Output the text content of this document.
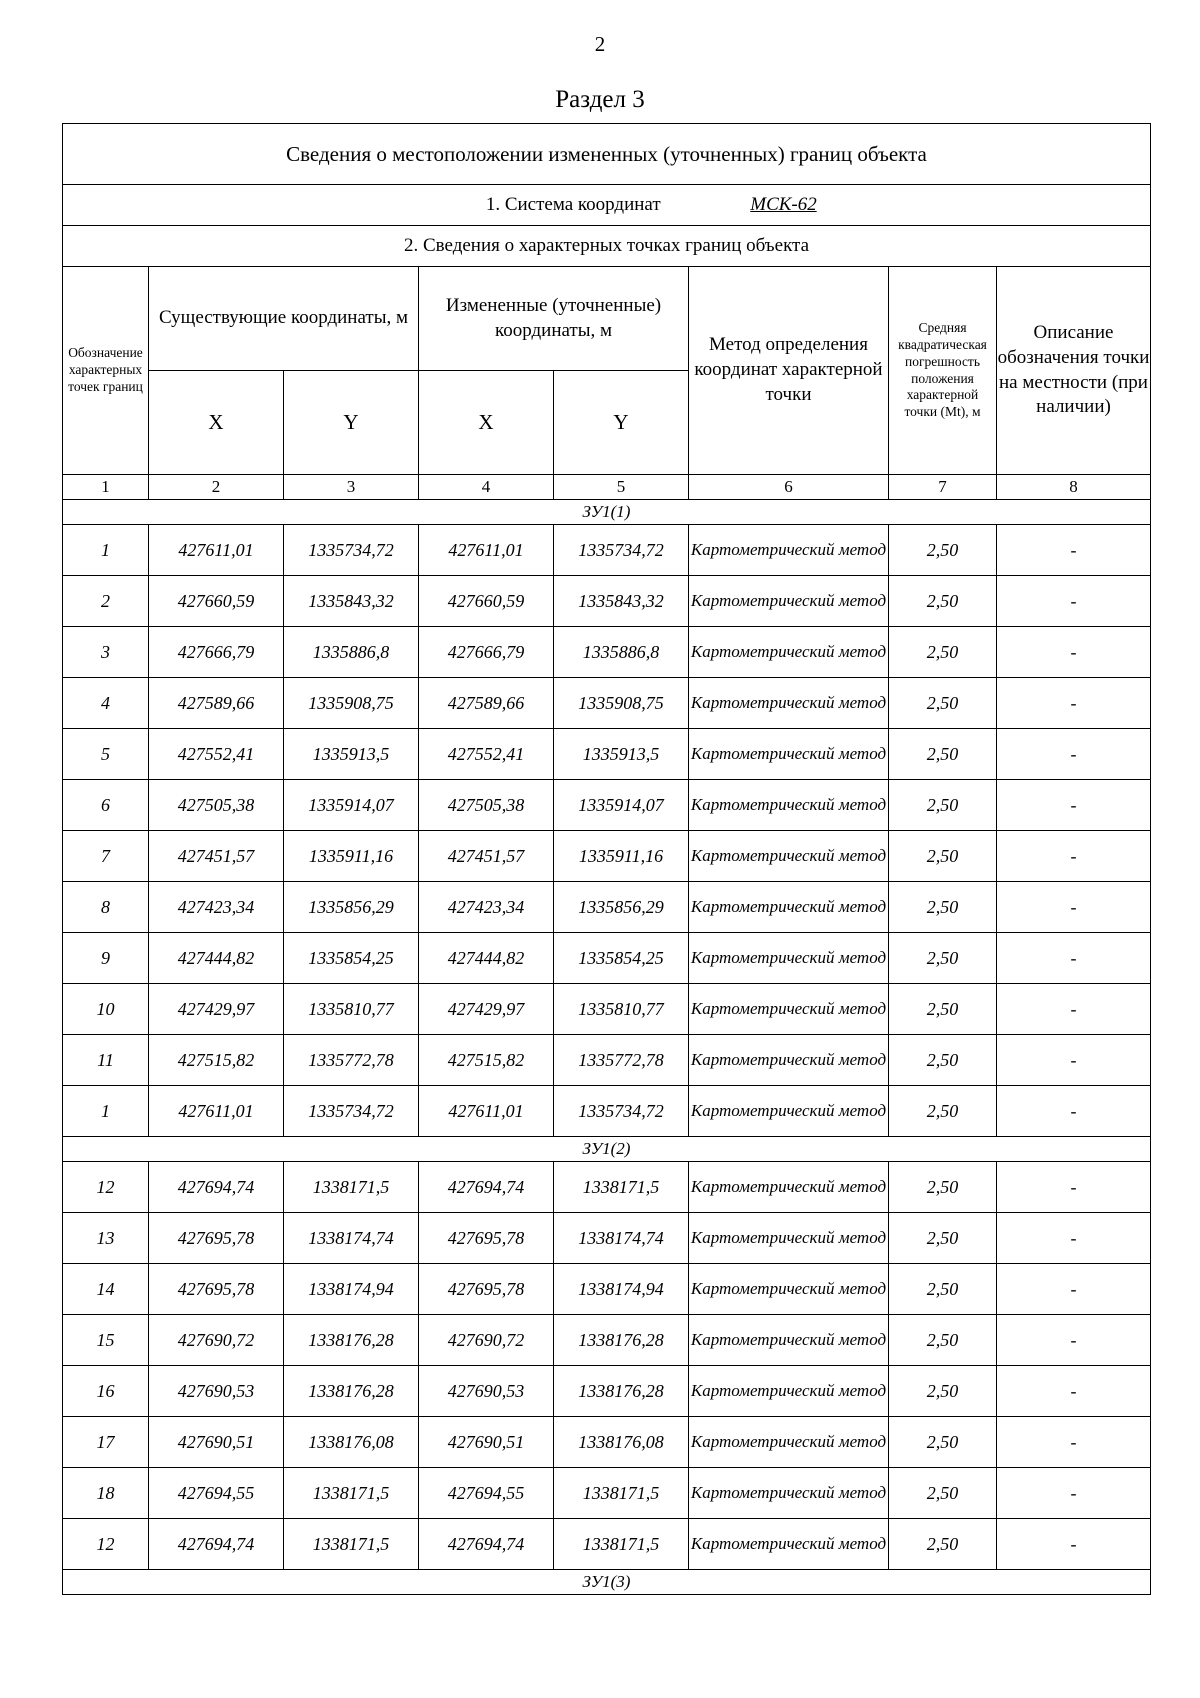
2
Раздел 3
Сведения о местоположении измененных (уточненных) границ объекта							
1. Система координат МСК-62							
2. Сведения о характерных точках границ объекта							
Обозначение характерных точек границ	Существующие координаты, м		Измененные (уточненные) координаты, м		Метод определения координат характерной точки	Средняя квадратическая погрешность положения характерной точки (Mt), м	Описание обозначения точки на местности (при наличии)
	X	Y	X	Y			
1	2	3	4	5	6	7	8
ЗУ1(1)							
1	427611,01	1335734,72	427611,01	1335734,72	Картометрический метод	2,50	-
2	427660,59	1335843,32	427660,59	1335843,32	Картометрический метод	2,50	-
3	427666,79	1335886,8	427666,79	1335886,8	Картометрический метод	2,50	-
4	427589,66	1335908,75	427589,66	1335908,75	Картометрический метод	2,50	-
5	427552,41	1335913,5	427552,41	1335913,5	Картометрический метод	2,50	-
6	427505,38	1335914,07	427505,38	1335914,07	Картометрический метод	2,50	-
7	427451,57	1335911,16	427451,57	1335911,16	Картометрический метод	2,50	-
8	427423,34	1335856,29	427423,34	1335856,29	Картометрический метод	2,50	-
9	427444,82	1335854,25	427444,82	1335854,25	Картометрический метод	2,50	-
10	427429,97	1335810,77	427429,97	1335810,77	Картометрический метод	2,50	-
11	427515,82	1335772,78	427515,82	1335772,78	Картометрический метод	2,50	-
1	427611,01	1335734,72	427611,01	1335734,72	Картометрический метод	2,50	-
ЗУ1(2)							
12	427694,74	1338171,5	427694,74	1338171,5	Картометрический метод	2,50	-
13	427695,78	1338174,74	427695,78	1338174,74	Картометрический метод	2,50	-
14	427695,78	1338174,94	427695,78	1338174,94	Картометрический метод	2,50	-
15	427690,72	1338176,28	427690,72	1338176,28	Картометрический метод	2,50	-
16	427690,53	1338176,28	427690,53	1338176,28	Картометрический метод	2,50	-
17	427690,51	1338176,08	427690,51	1338176,08	Картометрический метод	2,50	-
18	427694,55	1338171,5	427694,55	1338171,5	Картометрический метод	2,50	-
12	427694,74	1338171,5	427694,74	1338171,5	Картометрический метод	2,50	-
ЗУ1(3)							
